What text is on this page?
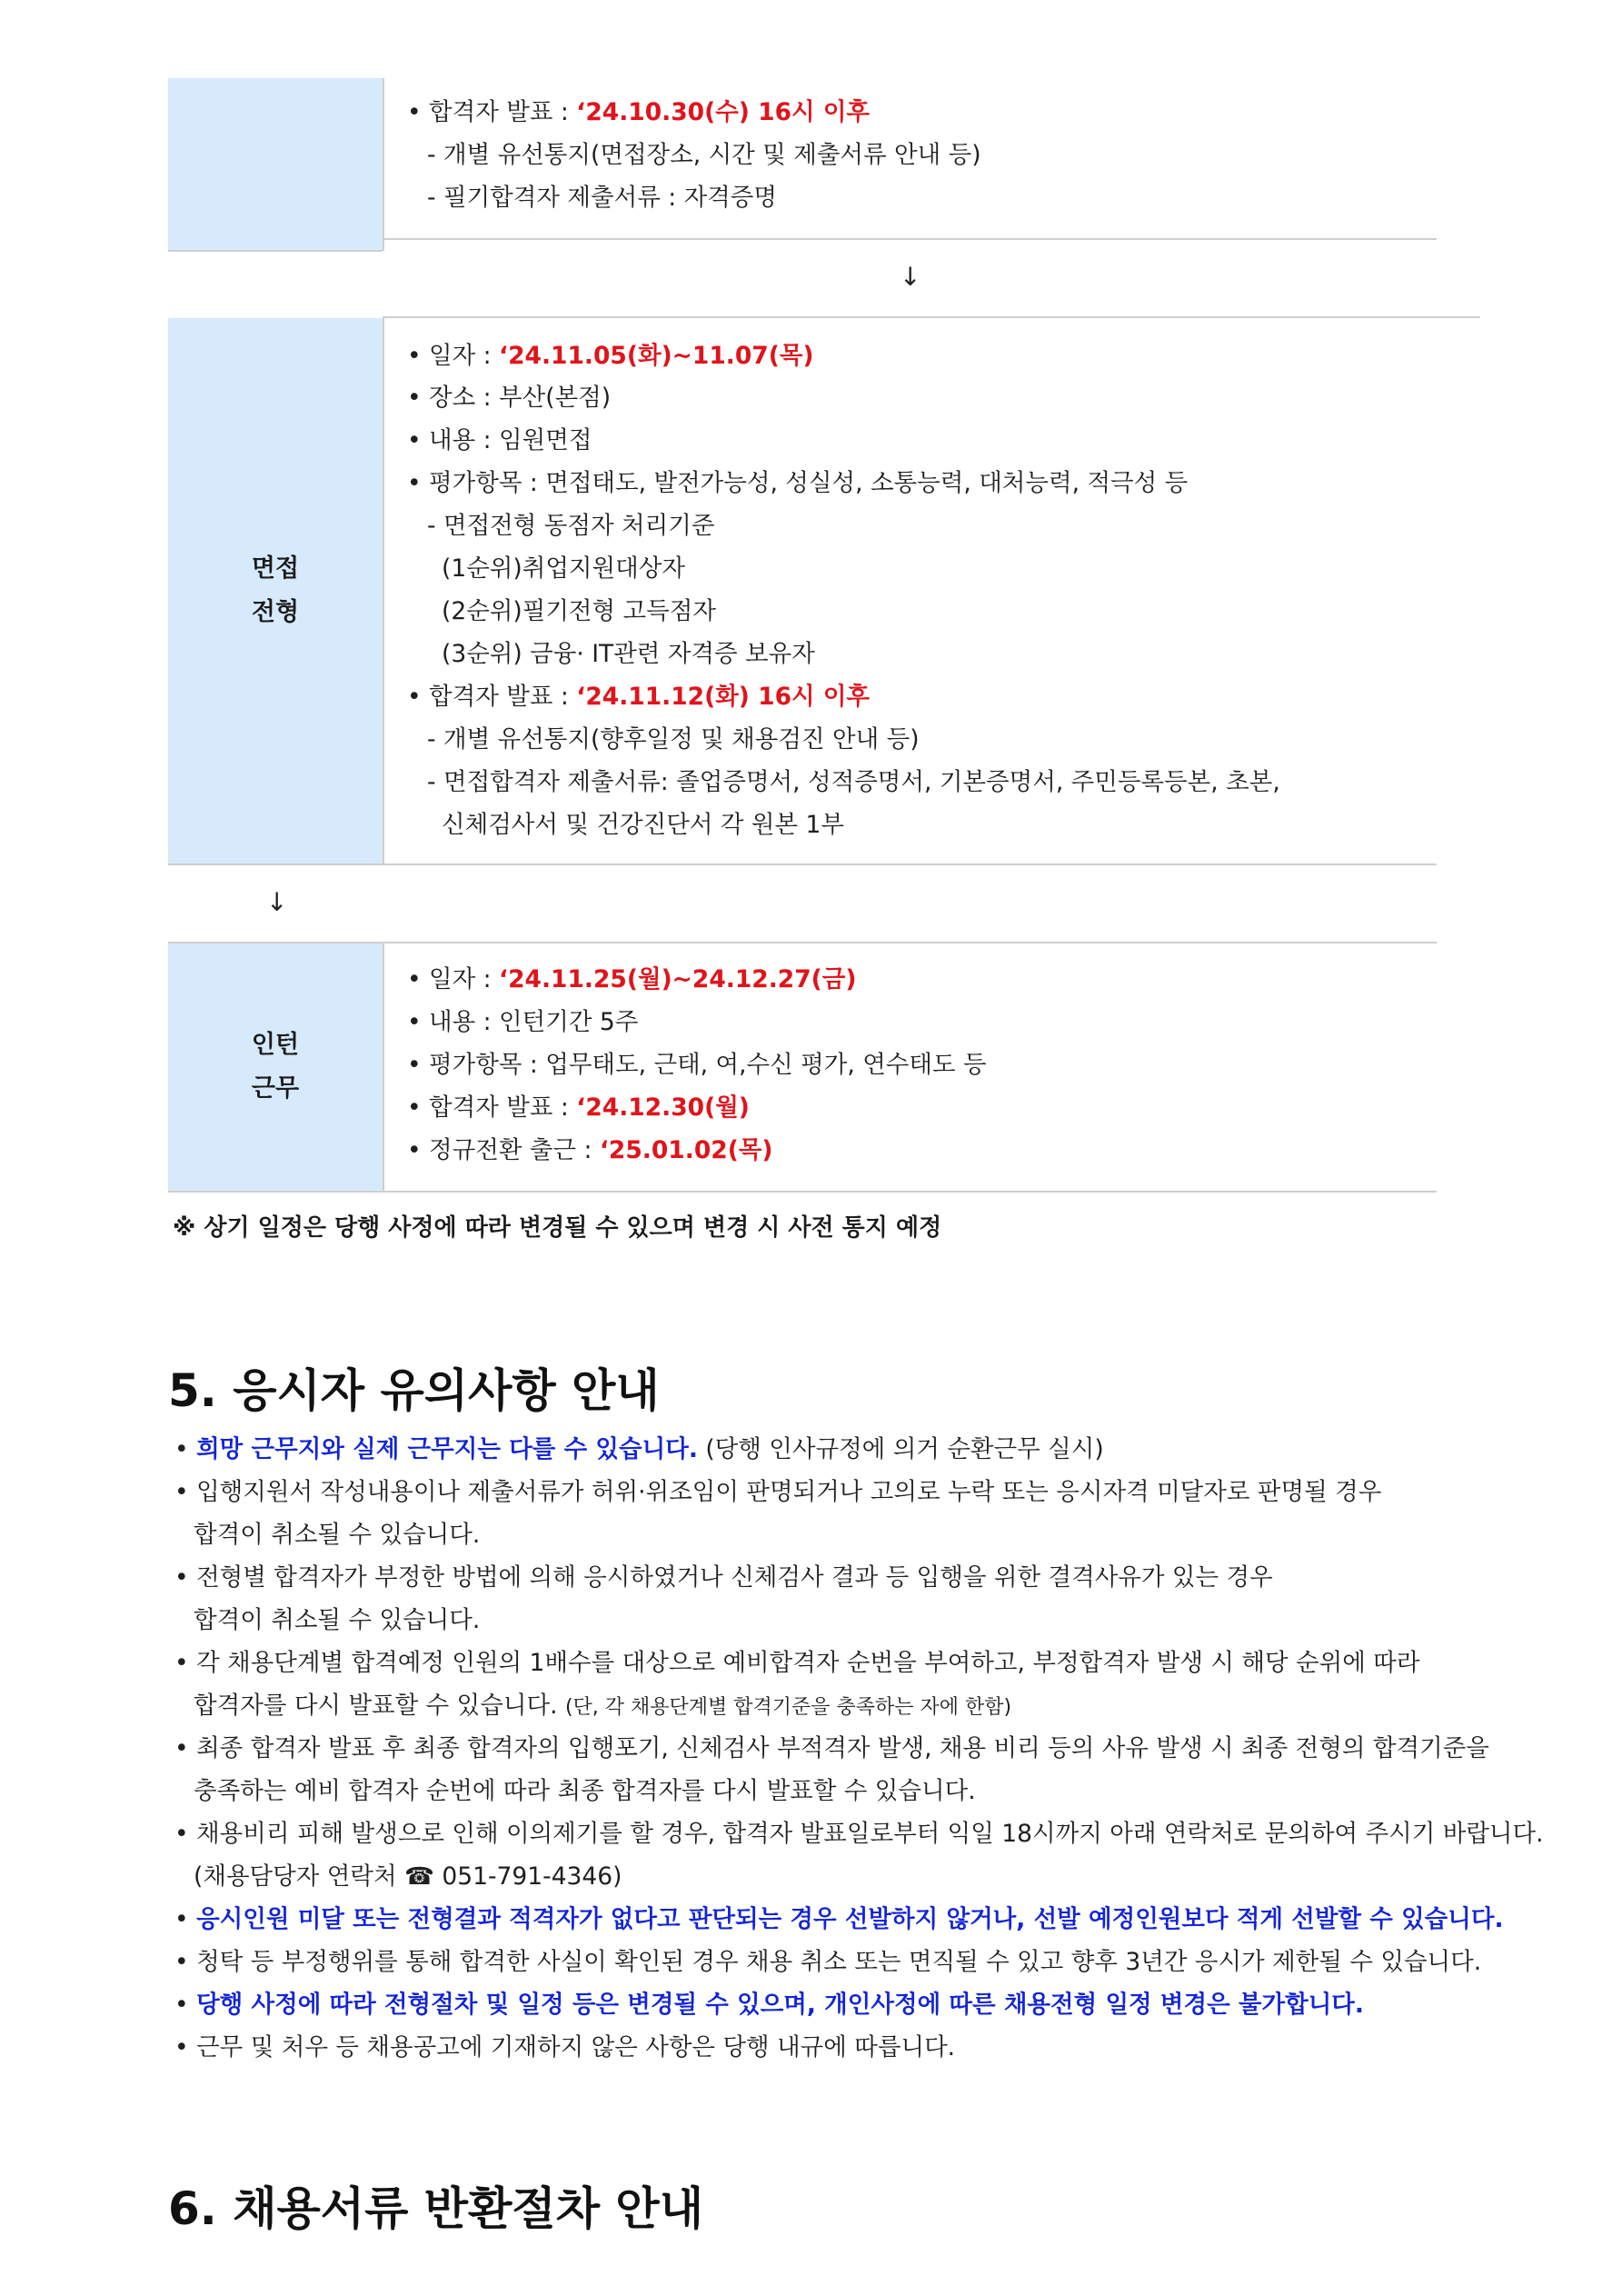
• 합격자 발표 : ‘24.10.30(수) 16시 이후
- 개별 유선통지(면접장소, 시간 및 제출서류 안내 등)
- 필기합격자 제출서류 : 자격증명
↓
면접
전형
• 일자 : ‘24.11.05(화)~11.07(목)
• 장소 : 부산(본점)
• 내용 : 임원면접
• 평가항목 : 면접태도, 발전가능성, 성실성, 소통능력, 대처능력, 적극성 등
- 면접전형 동점자 처리기준
(1순위)취업지원대상자
(2순위)필기전형 고득점자
(3순위) 금융· IT관련 자격증 보유자
• 합격자 발표 : ‘24.11.12(화) 16시 이후
- 개별 유선통지(향후일정 및 채용검진 안내 등)
- 면접합격자 제출서류: 졸업증명서, 성적증명서, 기본증명서, 주민등록등본, 초본,
신체검사서 및 건강진단서 각 원본 1부
↓
인턴
근무
• 일자 : ‘24.11.25(월)~24.12.27(금)
• 내용 : 인턴기간 5주
• 평가항목 : 업무태도, 근태, 여,수신 평가, 연수태도 등
• 합격자 발표 : ‘24.12.30(월)
• 정규전환 출근 : ‘25.01.02(목)
※ 상기 일정은 당행 사정에 따라 변경될 수 있으며 변경 시 사전 통지 예정
5. 응시자 유의사항 안내
• 희망 근무지와 실제 근무지는 다를 수 있습니다. (당행 인사규정에 의거 순환근무 실시)
• 입행지원서 작성내용이나 제출서류가 허위·위조임이 판명되거나 고의로 누락 또는 응시자격 미달자로 판명될 경우
합격이 취소될 수 있습니다.
• 전형별 합격자가 부정한 방법에 의해 응시하였거나 신체검사 결과 등 입행을 위한 결격사유가 있는 경우
합격이 취소될 수 있습니다.
• 각 채용단계별 합격예정 인원의 1배수를 대상으로 예비합격자 순번을 부여하고, 부정합격자 발생 시 해당 순위에 따라
합격자를 다시 발표할 수 있습니다. (단, 각 채용단계별 합격기준을 충족하는 자에 한함)
• 최종 합격자 발표 후 최종 합격자의 입행포기, 신체검사 부적격자 발생, 채용 비리 등의 사유 발생 시 최종 전형의 합격기준을
충족하는 예비 합격자 순번에 따라 최종 합격자를 다시 발표할 수 있습니다.
• 채용비리 피해 발생으로 인해 이의제기를 할 경우, 합격자 발표일로부터 익일 18시까지 아래 연락처로 문의하여 주시기 바랍니다.
(채용담당자 연락처 ☎ 051-791-4346)
• 응시인원 미달 또는 전형결과 적격자가 없다고 판단되는 경우 선발하지 않거나, 선발 예정인원보다 적게 선발할 수 있습니다.
• 청탁 등 부정행위를 통해 합격한 사실이 확인된 경우 채용 취소 또는 면직될 수 있고 향후 3년간 응시가 제한될 수 있습니다.
• 당행 사정에 따라 전형절차 및 일정 등은 변경될 수 있으며, 개인사정에 따른 채용전형 일정 변경은 불가합니다.
• 근무 및 처우 등 채용공고에 기재하지 않은 사항은 당행 내규에 따릅니다.
6. 채용서류 반환절차 안내
